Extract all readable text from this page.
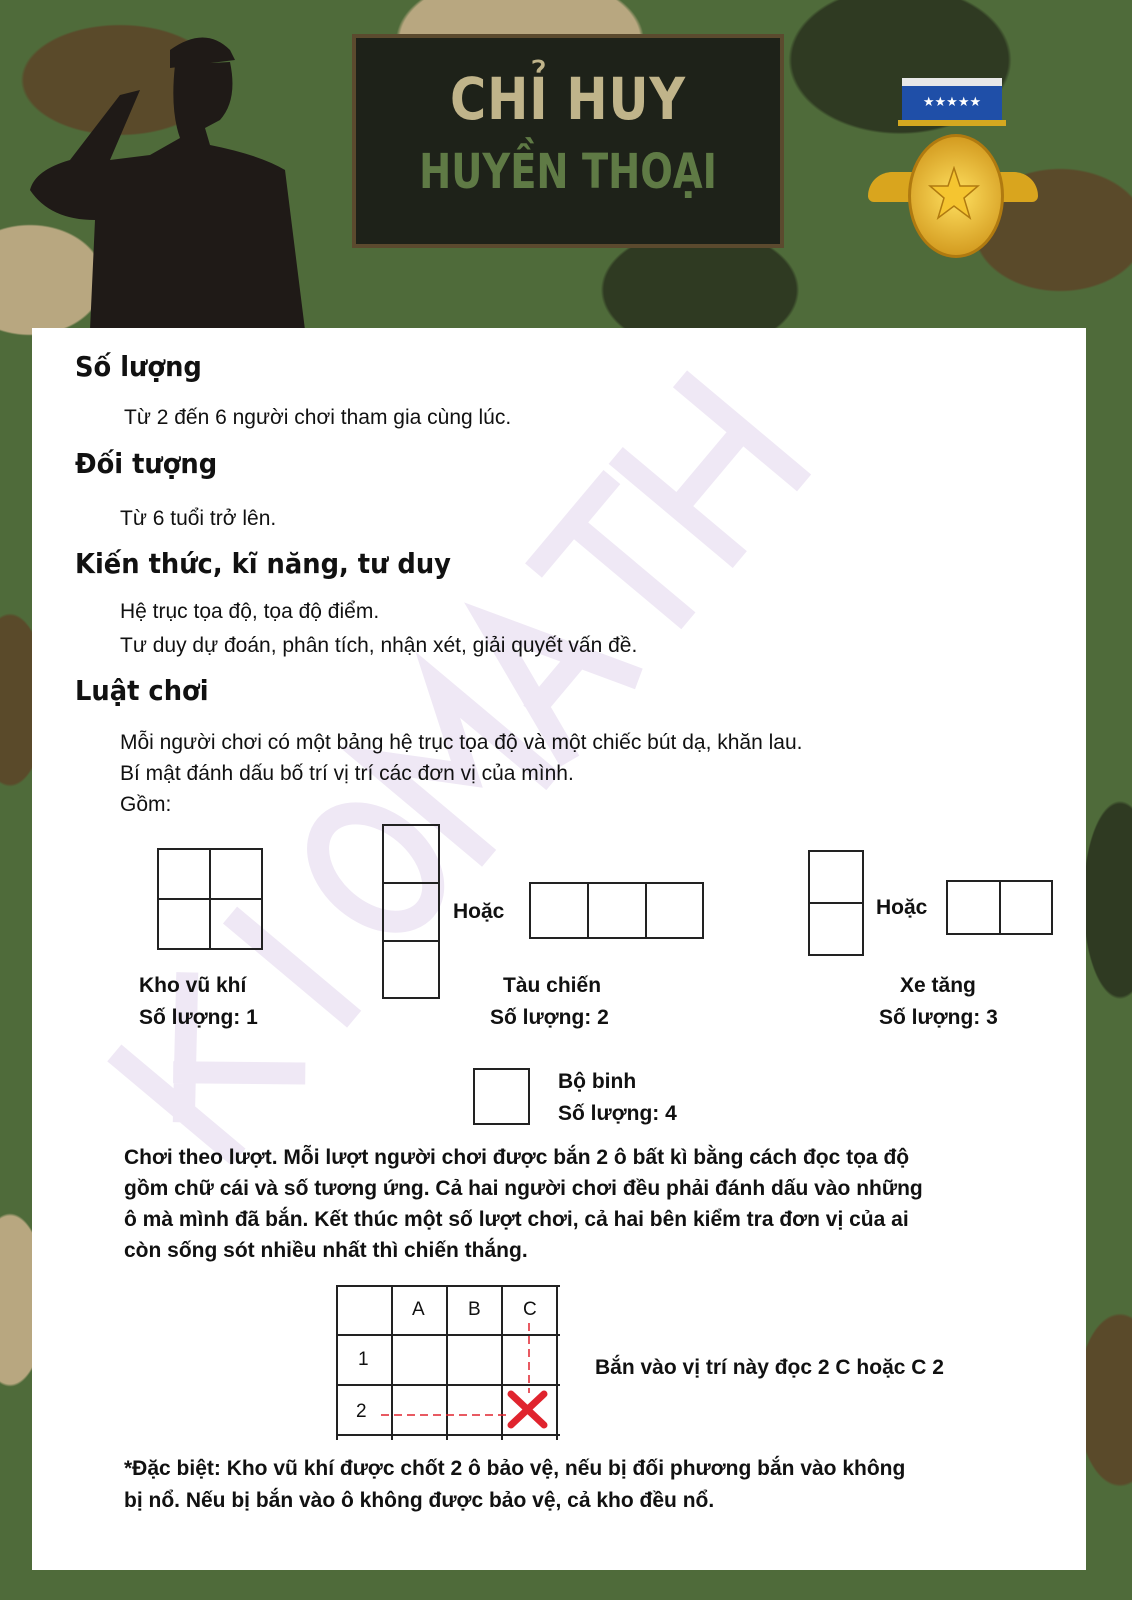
CHỈ HUY
HUYỀN THOẠI
★★★★★
Số lượng
Từ 2 đến 6 người chơi tham gia cùng lúc.
Đối tượng
Từ 6 tuổi trở lên.
Kiến thức, kĩ năng, tư duy
Hệ trục tọa độ, tọa độ điểm.
Tư duy dự đoán, phân tích, nhận xét, giải quyết vấn đề.
Luật chơi
Mỗi người chơi có một bảng hệ trục tọa độ và một chiếc bút dạ, khăn lau.
Bí mật đánh dấu bố trí vị trí các đơn vị của mình.
Gồm:
Kho vũ khí
Số lượng: 1
Hoặc
Tàu chiến
Số lượng: 2
Hoặc
Xe tăng
Số lượng: 3
Bộ binh
Số lượng: 4
Chơi theo lượt. Mỗi lượt người chơi được bắn 2 ô bất kì bằng cách đọc tọa độ
gồm chữ cái và số tương ứng. Cả hai người chơi đều phải đánh dấu vào những
ô mà mình đã bắn. Kết thúc một số lượt chơi, cả hai bên kiểm tra đơn vị của ai
còn sống sót nhiều nhất thì chiến thắng.
A B C
1
2
Bắn vào vị trí này đọc 2 C hoặc C 2
*Đặc biệt: Kho vũ khí được chốt 2 ô bảo vệ, nếu bị đối phương bắn vào không
bị nổ. Nếu bị bắn vào ô không được bảo vệ, cả kho đều nổ.
